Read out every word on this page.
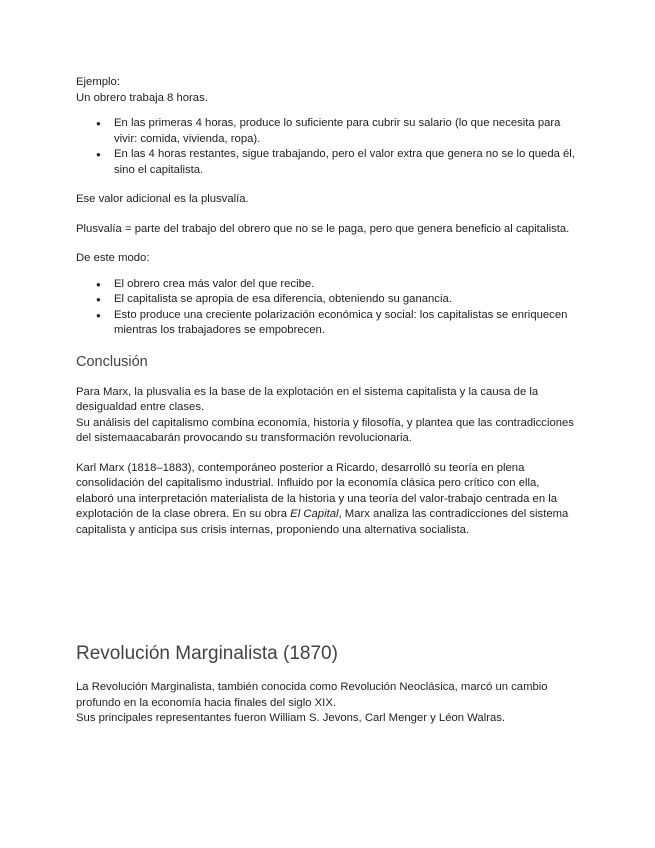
Ejemplo:

Un obrero trabaja 8 horas.

● En las primeras 4 horas, produce lo suficiente para cubrir su salario (lo que necesita para vivir: comida, vivienda, ropa).
● En las 4 horas restantes, sigue trabajando, pero el valor extra que genera no se lo queda él, sino el capitalista.

Ese valor adicional es la plusvalía.

Plusvalía = parte del trabajo del obrero que no se le paga, pero que genera beneficio al capitalista.

De este modo:

● El obrero crea más valor del que recibe.
● El capitalista se apropia de esa diferencia, obteniendo su ganancia.
● Esto produce una creciente polarización económica y social: los capitalistas se enriquecen mientras los trabajadores se empobrecen.
Conclusión

Para Marx, la plusvalía es la base de la explotación en el sistema capitalista y la causa de la desigualdad entre clases.

Su análisis del capitalismo combina economía, historia y filosofía, y plantea que las contradicciones del sistemaacabarán provocando su transformación revolucionaria.

Karl Marx (1818–1883), contemporáneo posterior a Ricardo, desarrolló su teoría en plena consolidación del capitalismo industrial. Influido por la economía clásica pero crítico con ella, elaboró una interpretación materialista de la historia y una teoría del valor-trabajo centrada en la explotación de la clase obrera. En su obra El Capital, Marx analiza las contradicciones del sistema capitalista y anticipa sus crisis internas, proponiendo una alternativa socialista.

Revolución Marginalista (1870)

La Revolución Marginalista, también conocida como Revolución Neoclásica, marcó un cambio profundo en la economía hacia finales del siglo XIX.

Sus principales representantes fueron William S. Jevons, Carl Menger y Léon Walras.
